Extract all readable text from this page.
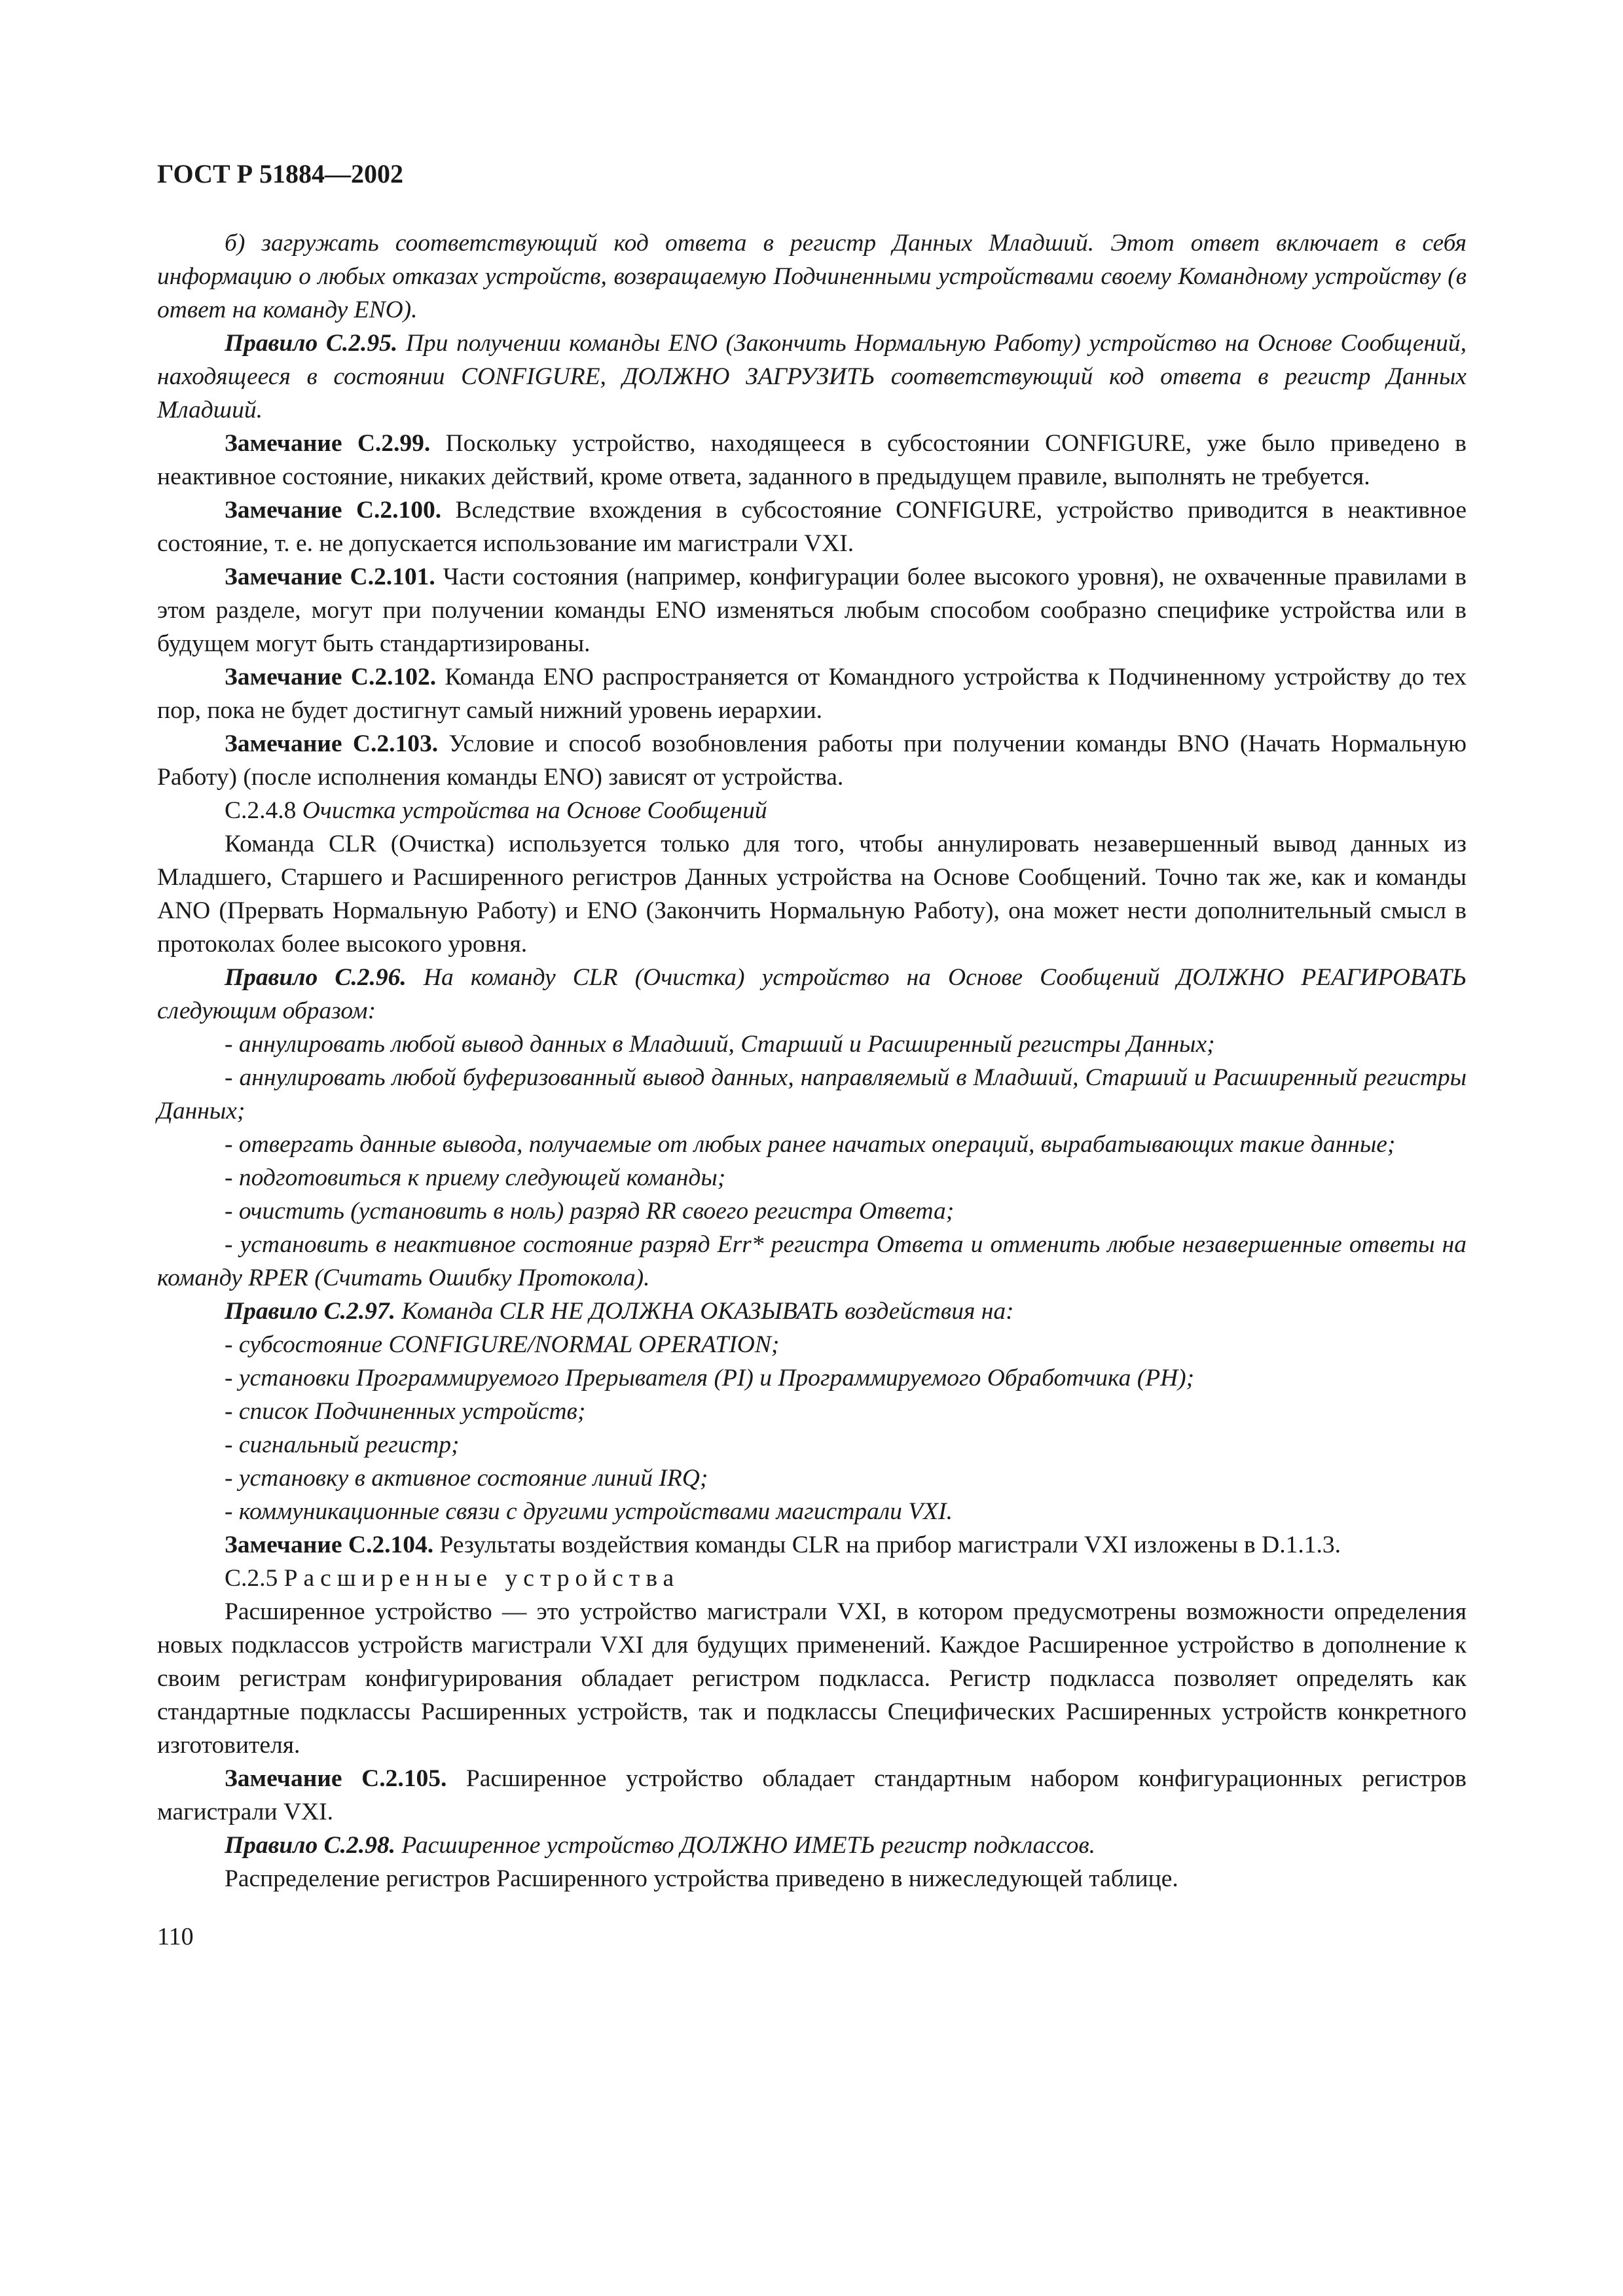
ГОСТ Р 51884—2002

б) загружать соответствующий код ответа в регистр Данных Младший. Этот ответ включает в себя информацию о любых отказах устройств, возвращаемую Подчиненными устройствами своему Командному устройству (в ответ на команду ENO).

Правило С.2.95. При получении команды ENO (Закончить Нормальную Работу) устройство на Основе Сообщений, находящееся в состоянии CONFIGURE, ДОЛЖНО ЗАГРУЗИТЬ соответствующий код ответа в регистр Данных Младший.

Замечание С.2.99. Поскольку устройство, находящееся в субсостоянии CONFIGURE, уже было приведено в неактивное состояние, никаких действий, кроме ответа, заданного в предыдущем правиле, выполнять не требуется.

Замечание С.2.100. Вследствие вхождения в субсостояние CONFIGURE, устройство приводится в неактивное состояние, т. е. не допускается использование им магистрали VXI.

Замечание С.2.101. Части состояния (например, конфигурации более высокого уровня), не охваченные правилами в этом разделе, могут при получении команды ENO изменяться любым способом сообразно специфике устройства или в будущем могут быть стандартизированы.

Замечание С.2.102. Команда ENO распространяется от Командного устройства к Подчиненному устройству до тех пор, пока не будет достигнут самый нижний уровень иерархии.

Замечание С.2.103. Условие и способ возобновления работы при получении команды BNO (Начать Нормальную Работу) (после исполнения команды ENO) зависят от устройства.

С.2.4.8 Очистка устройства на Основе Сообщений

Команда CLR (Очистка) используется только для того, чтобы аннулировать незавершенный вывод данных из Младшего, Старшего и Расширенного регистров Данных устройства на Основе Сообщений. Точно так же, как и команды ANO (Прервать Нормальную Работу) и ENO (Закончить Нормальную Работу), она может нести дополнительный смысл в протоколах более высокого уровня.

Правило С.2.96. На команду CLR (Очистка) устройство на Основе Сообщений ДОЛЖНО РЕАГИРОВАТЬ следующим образом:

- аннулировать любой вывод данных в Младший, Старший и Расширенный регистры Данных;

- аннулировать любой буферизованный вывод данных, направляемый в Младший, Старший и Расширенный регистры Данных;

- отвергать данные вывода, получаемые от любых ранее начатых операций, вырабатывающих такие данные;

- подготовиться к приему следующей команды;

- очистить (установить в ноль) разряд RR своего регистра Ответа;

- установить в неактивное состояние разряд Err* регистра Ответа и отменить любые незавершенные ответы на команду RPER (Считать Ошибку Протокола).

Правило С.2.97. Команда CLR НЕ ДОЛЖНА ОКАЗЫВАТЬ воздействия на:

- субсостояние CONFIGURE/NORMAL OPERATION;

- установки Программируемого Прерывателя (PI) и Программируемого Обработчика (PH);

- список Подчиненных устройств;

- сигнальный регистр;

- установку в активное состояние линий IRQ;

- коммуникационные связи с другими устройствами магистрали VXI.

Замечание С.2.104. Результаты воздействия команды CLR на прибор магистрали VXI изложены в D.1.1.3.

С.2.5 Расширенные устройства

Расширенное устройство — это устройство магистрали VXI, в котором предусмотрены возможности определения новых подклассов устройств магистрали VXI для будущих применений. Каждое Расширенное устройство в дополнение к своим регистрам конфигурирования обладает регистром подкласса. Регистр подкласса позволяет определять как стандартные подклассы Расширенных устройств, так и подклассы Специфических Расширенных устройств конкретного изготовителя.

Замечание С.2.105. Расширенное устройство обладает стандартным набором конфигурационных регистров магистрали VXI.

Правило С.2.98. Расширенное устройство ДОЛЖНО ИМЕТЬ регистр подклассов.

Распределение регистров Расширенного устройства приведено в нижеследующей таблице.

110
